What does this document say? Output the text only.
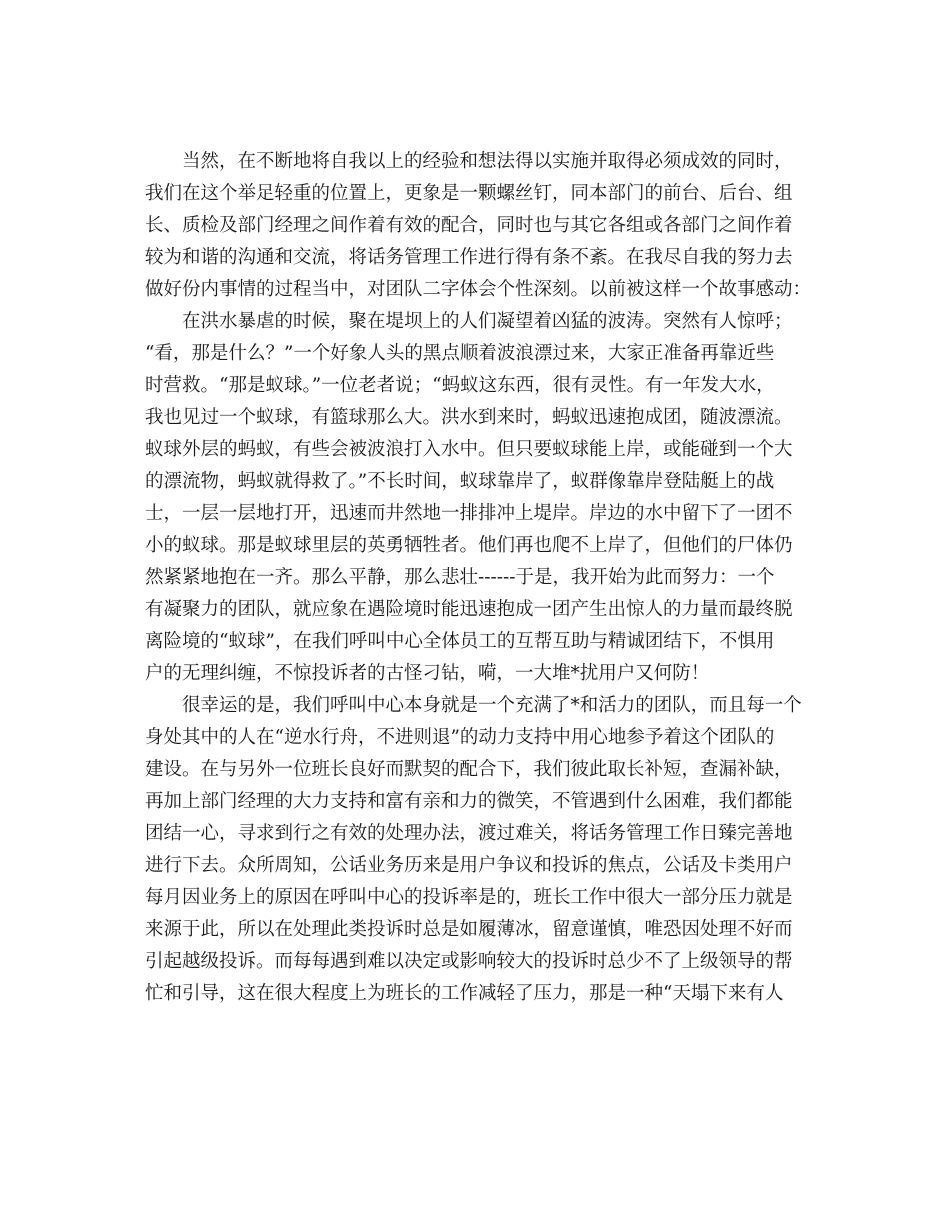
　　当然，在不断地将自我以上的经验和想法得以实施并取得必须成效的同时，
我们在这个举足轻重的位置上，更象是一颗螺丝钉，同本部门的前台、后台、组
长、质检及部门经理之间作着有效的配合，同时也与其它各组或各部门之间作着
较为和谐的沟通和交流，将话务管理工作进行得有条不紊。在我尽自我的努力去
做好份内事情的过程当中，对团队二字体会个性深刻。以前被这样一个故事感动：
　　在洪水暴虐的时候，聚在堤坝上的人们凝望着凶猛的波涛。突然有人惊呼；
“看，那是什么？”一个好象人头的黑点顺着波浪漂过来，大家正准备再靠近些
时营救。“那是蚁球。”一位老者说；“蚂蚁这东西，很有灵性。有一年发大水，
我也见过一个蚁球，有篮球那么大。洪水到来时，蚂蚁迅速抱成团，随波漂流。
蚁球外层的蚂蚁，有些会被波浪打入水中。但只要蚁球能上岸，或能碰到一个大
的漂流物，蚂蚁就得救了。”不长时间，蚁球靠岸了，蚁群像靠岸登陆艇上的战
士，一层一层地打开，迅速而井然地一排排冲上堤岸。岸边的水中留下了一团不
小的蚁球。那是蚁球里层的英勇牺牲者。他们再也爬不上岸了，但他们的尸体仍
然紧紧地抱在一齐。那么平静，那么悲壮------于是，我开始为此而努力：一个
有凝聚力的团队，就应象在遇险境时能迅速抱成一团产生出惊人的力量而最终脱
离险境的“蚁球”，在我们呼叫中心全体员工的互帮互助与精诚团结下，不惧用
户的无理纠缠，不惊投诉者的古怪刁钻，嗬，一大堆*扰用户又何防！
　　很幸运的是，我们呼叫中心本身就是一个充满了*和活力的团队，而且每一个
身处其中的人在“逆水行舟，不进则退”的动力支持中用心地参予着这个团队的
建设。在与另外一位班长良好而默契的配合下，我们彼此取长补短，查漏补缺，
再加上部门经理的大力支持和富有亲和力的微笑，不管遇到什么困难，我们都能
团结一心，寻求到行之有效的处理办法，渡过难关，将话务管理工作日臻完善地
进行下去。众所周知，公话业务历来是用户争议和投诉的焦点，公话及卡类用户
每月因业务上的原因在呼叫中心的投诉率是的，班长工作中很大一部分压力就是
来源于此，所以在处理此类投诉时总是如履薄冰，留意谨慎，唯恐因处理不好而
引起越级投诉。而每每遇到难以决定或影响较大的投诉时总少不了上级领导的帮
忙和引导，这在很大程度上为班长的工作减轻了压力，那是一种“天塌下来有人
